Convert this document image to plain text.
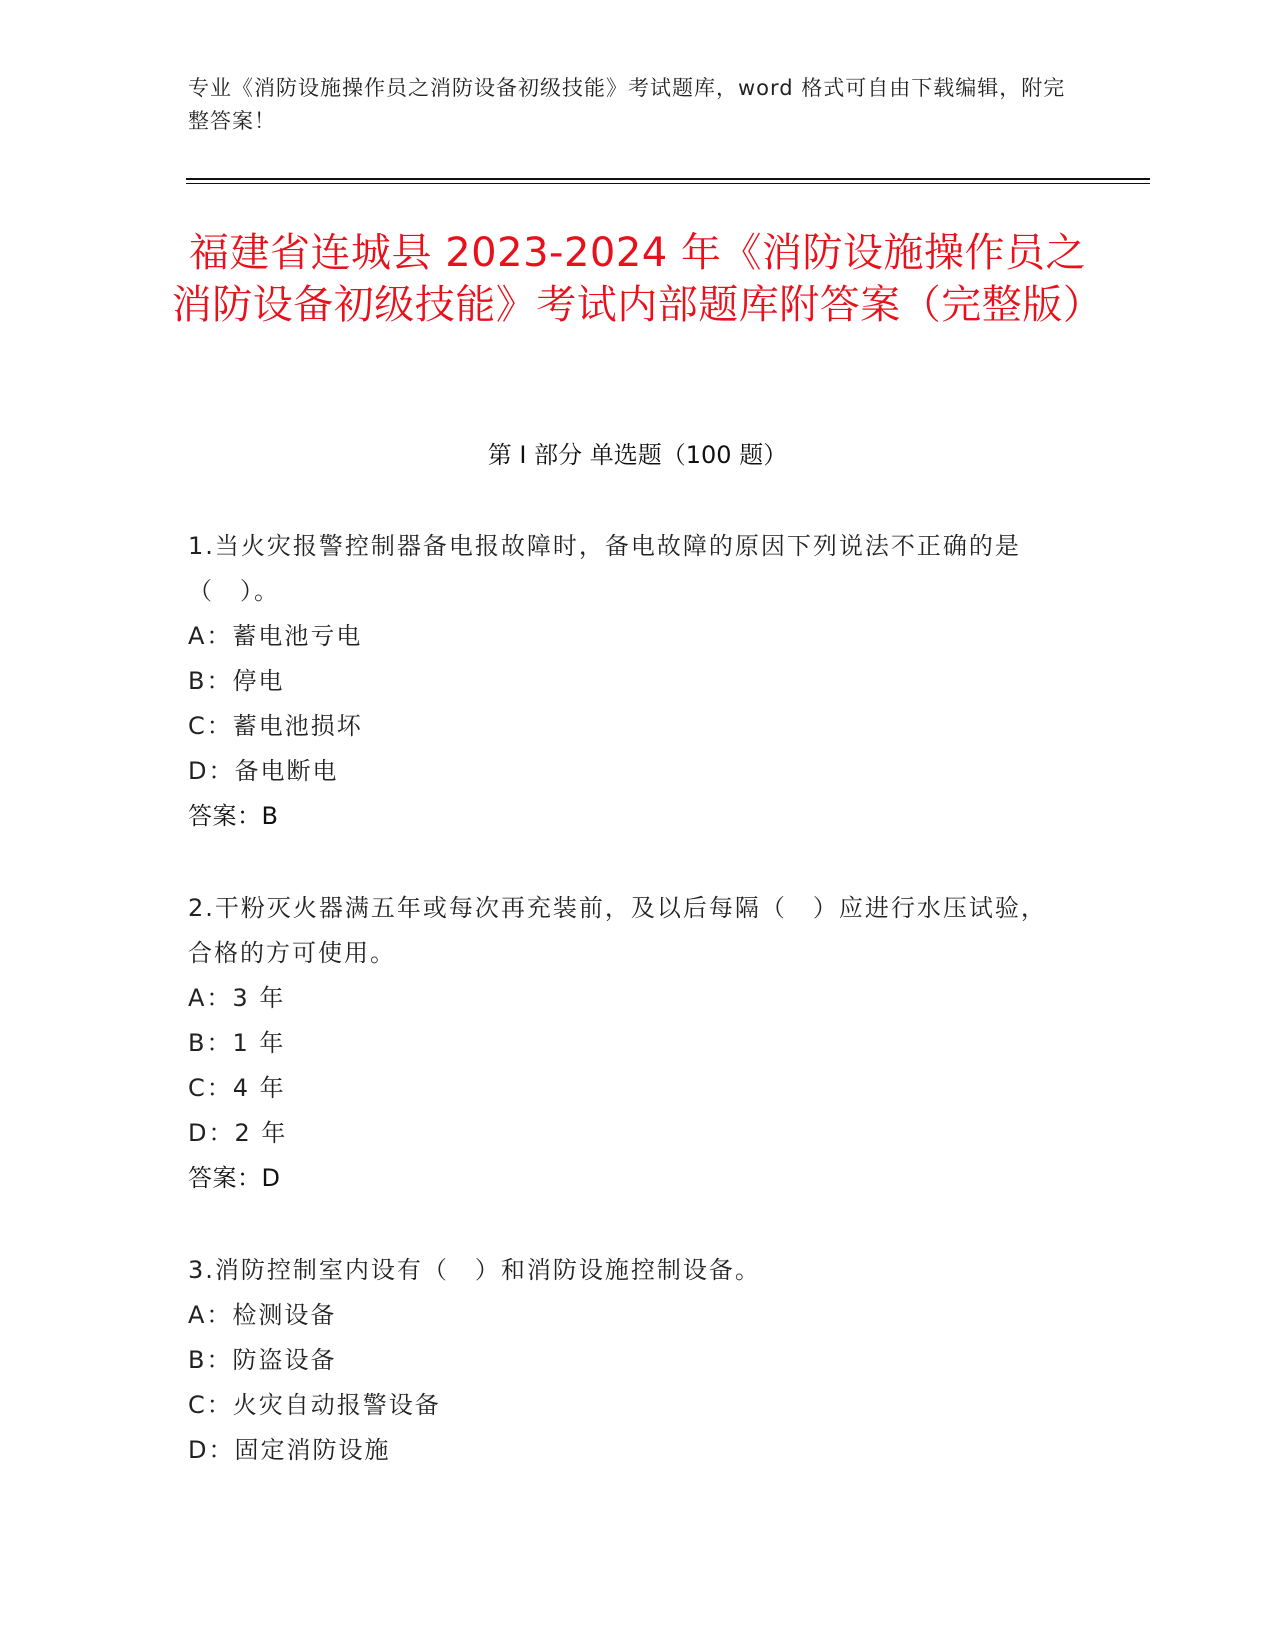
专业《消防设施操作员之消防设备初级技能》考试题库，word 格式可自由下载编辑，附完整答案！
福建省连城县 2023-2024 年《消防设施操作员之消防设备初级技能》考试内部题库附答案（完整版）
第 I 部分 单选题（100 题）

1.当火灾报警控制器备电报故障时，备电故障的原因下列说法不正确的是（　）。

A：蓄电池亏电

B：停电

C：蓄电池损坏

D：备电断电

答案：B

2.干粉灭火器满五年或每次再充装前，及以后每隔（　）应进行水压试验，合格的方可使用。

A：3 年

B：1 年

C：4 年

D：2 年

答案：D

3.消防控制室内设有（　）和消防设施控制设备。

A：检测设备

B：防盗设备

C：火灾自动报警设备

D：固定消防设施
